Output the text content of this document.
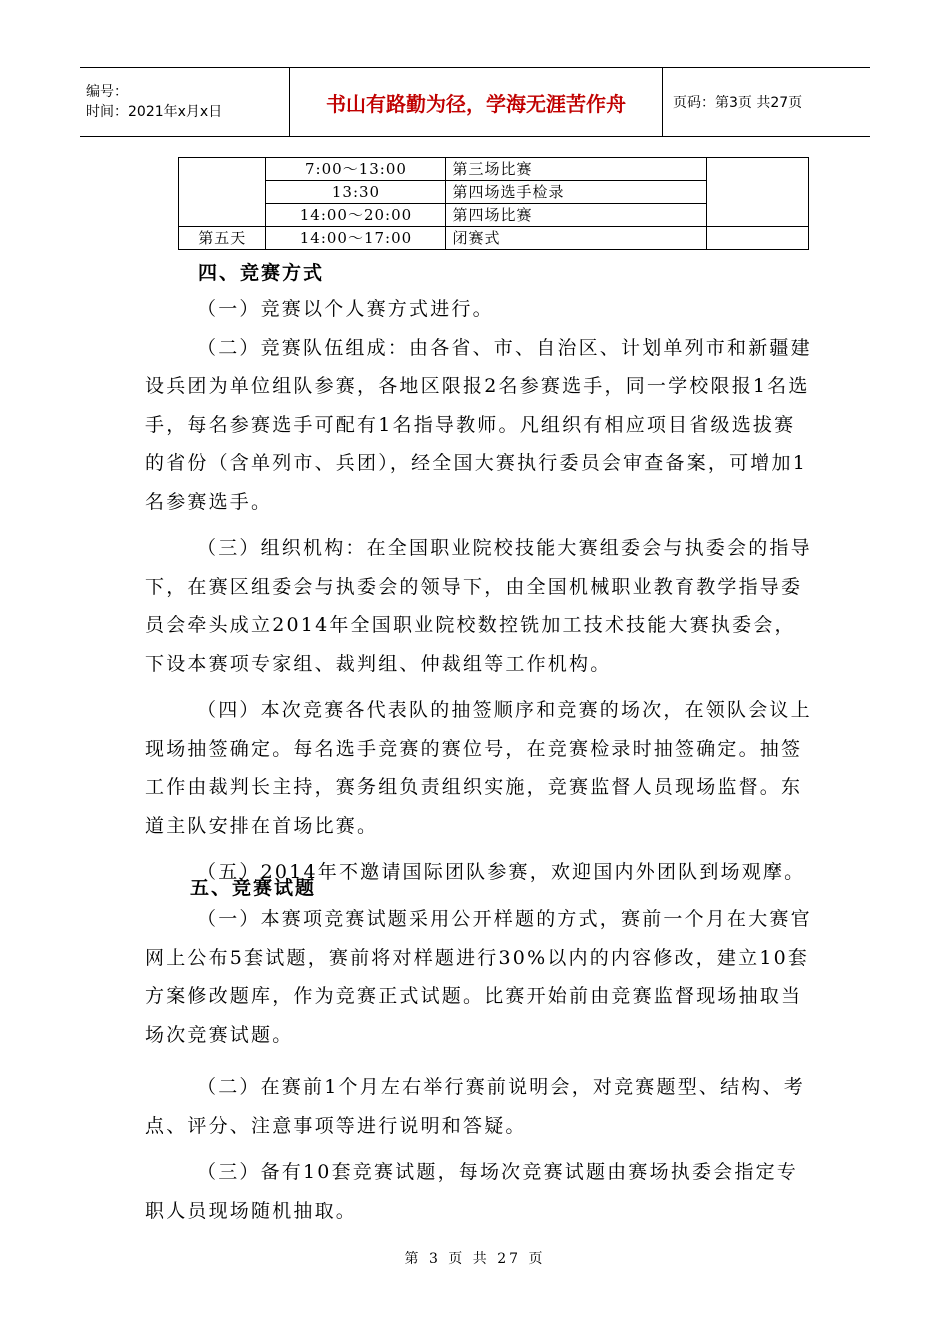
编号：
时间：2021年x月x日	书山有路勤为径，学海无涯苦作舟	页码：第3页 共27页
	7:00～13:00	第三场比赛	
	13:30	第四场选手检录	
	14:00～20:00	第四场比赛	
第五天	14:00～17:00	闭赛式	
四、竞赛方式

（一）竞赛以个人赛方式进行。

（二）竞赛队伍组成：由各省、市、自治区、计划单列市和新疆建设兵团为单位组队参赛，各地区限报2名参赛选手，同一学校限报1名选手，每名参赛选手可配有1名指导教师。凡组织有相应项目省级选拔赛的省份（含单列市、兵团），经全国大赛执行委员会审查备案，可增加1名参赛选手。

（三）组织机构：在全国职业院校技能大赛组委会与执委会的指导下，在赛区组委会与执委会的领导下，由全国机械职业教育教学指导委员会牵头成立2014年全国职业院校数控铣加工技术技能大赛执委会，下设本赛项专家组、裁判组、仲裁组等工作机构。

（四）本次竞赛各代表队的抽签顺序和竞赛的场次，在领队会议上现场抽签确定。每名选手竞赛的赛位号，在竞赛检录时抽签确定。抽签工作由裁判长主持，赛务组负责组织实施，竞赛监督人员现场监督。东道主队安排在首场比赛。

（五）2014年不邀请国际团队参赛，欢迎国内外团队到场观摩。

五、竞赛试题

（一）本赛项竞赛试题采用公开样题的方式，赛前一个月在大赛官网上公布5套试题，赛前将对样题进行30%以内的内容修改，建立10套方案修改题库，作为竞赛正式试题。比赛开始前由竞赛监督现场抽取当场次竞赛试题。

（二）在赛前1个月左右举行赛前说明会，对竞赛题型、结构、考点、评分、注意事项等进行说明和答疑。

（三）备有10套竞赛试题，每场次竞赛试题由赛场执委会指定专职人员现场随机抽取。

第 3 页 共 27 页
